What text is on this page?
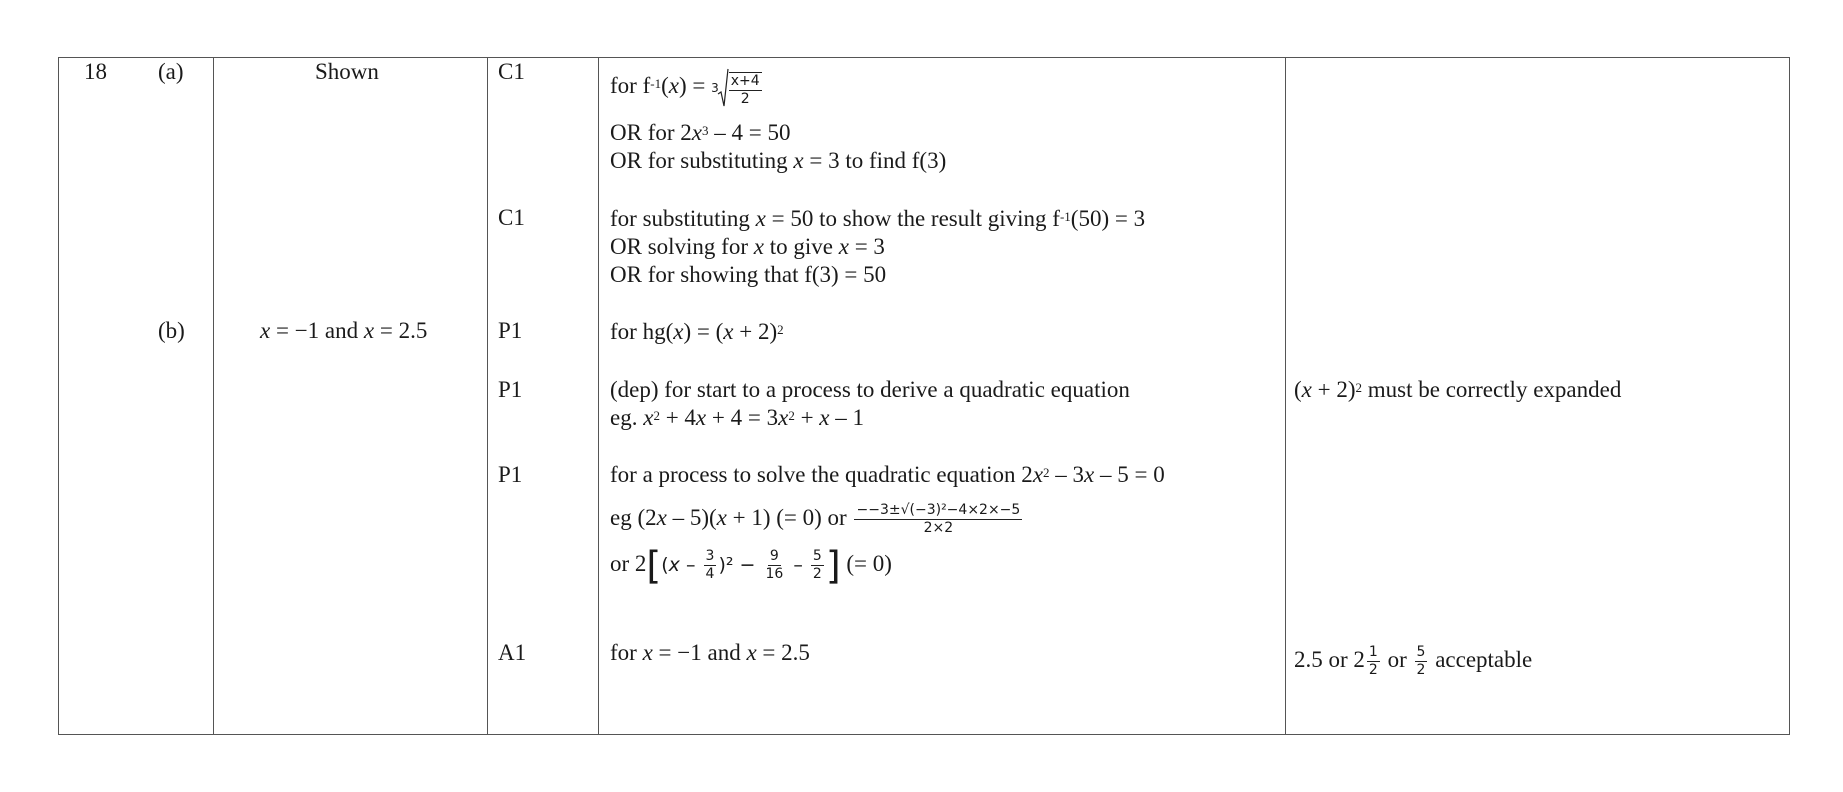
18 (a)
(b)
Shown
x = −1 and x = 2.5
C1
C1
P1
P1
P1
A1
for $f^{-1}(x) = 3 \frac{x+4}{2}$
OR for $2x^3 - 4 = 50$
OR for substituting x = 3 to find f(3)
for substituting x = 50 to show the result giving $f^{-1}(50) = 3$
OR solving for x to give x = 3
OR for showing that f(3) = 50
for $hg(x) = (x + 2)^2$
(dep) for start to a process to derive a quadratic equation
eg. $x^2 + 4x + 4 = 3x^2 + x - 1$
for a process to solve the quadratic equation $2x^2 - 3x - 5 = 0$
eg (2x – 5)(x + 1) (= 0) or $\frac{\text{−−3±√(−3)²−4×2×−5}}{2\times 2}$
or $2[(x - \frac{3}{4} )^2 - \frac{9}{16} - \frac{5}{2}$ ] (= 0)
for x = −1 and x = 2.5
$(x + 2)^2$ must be correctly expanded
2.5 or $2 \frac{1}{2}$ or $\frac{5}{2}$ acceptable
